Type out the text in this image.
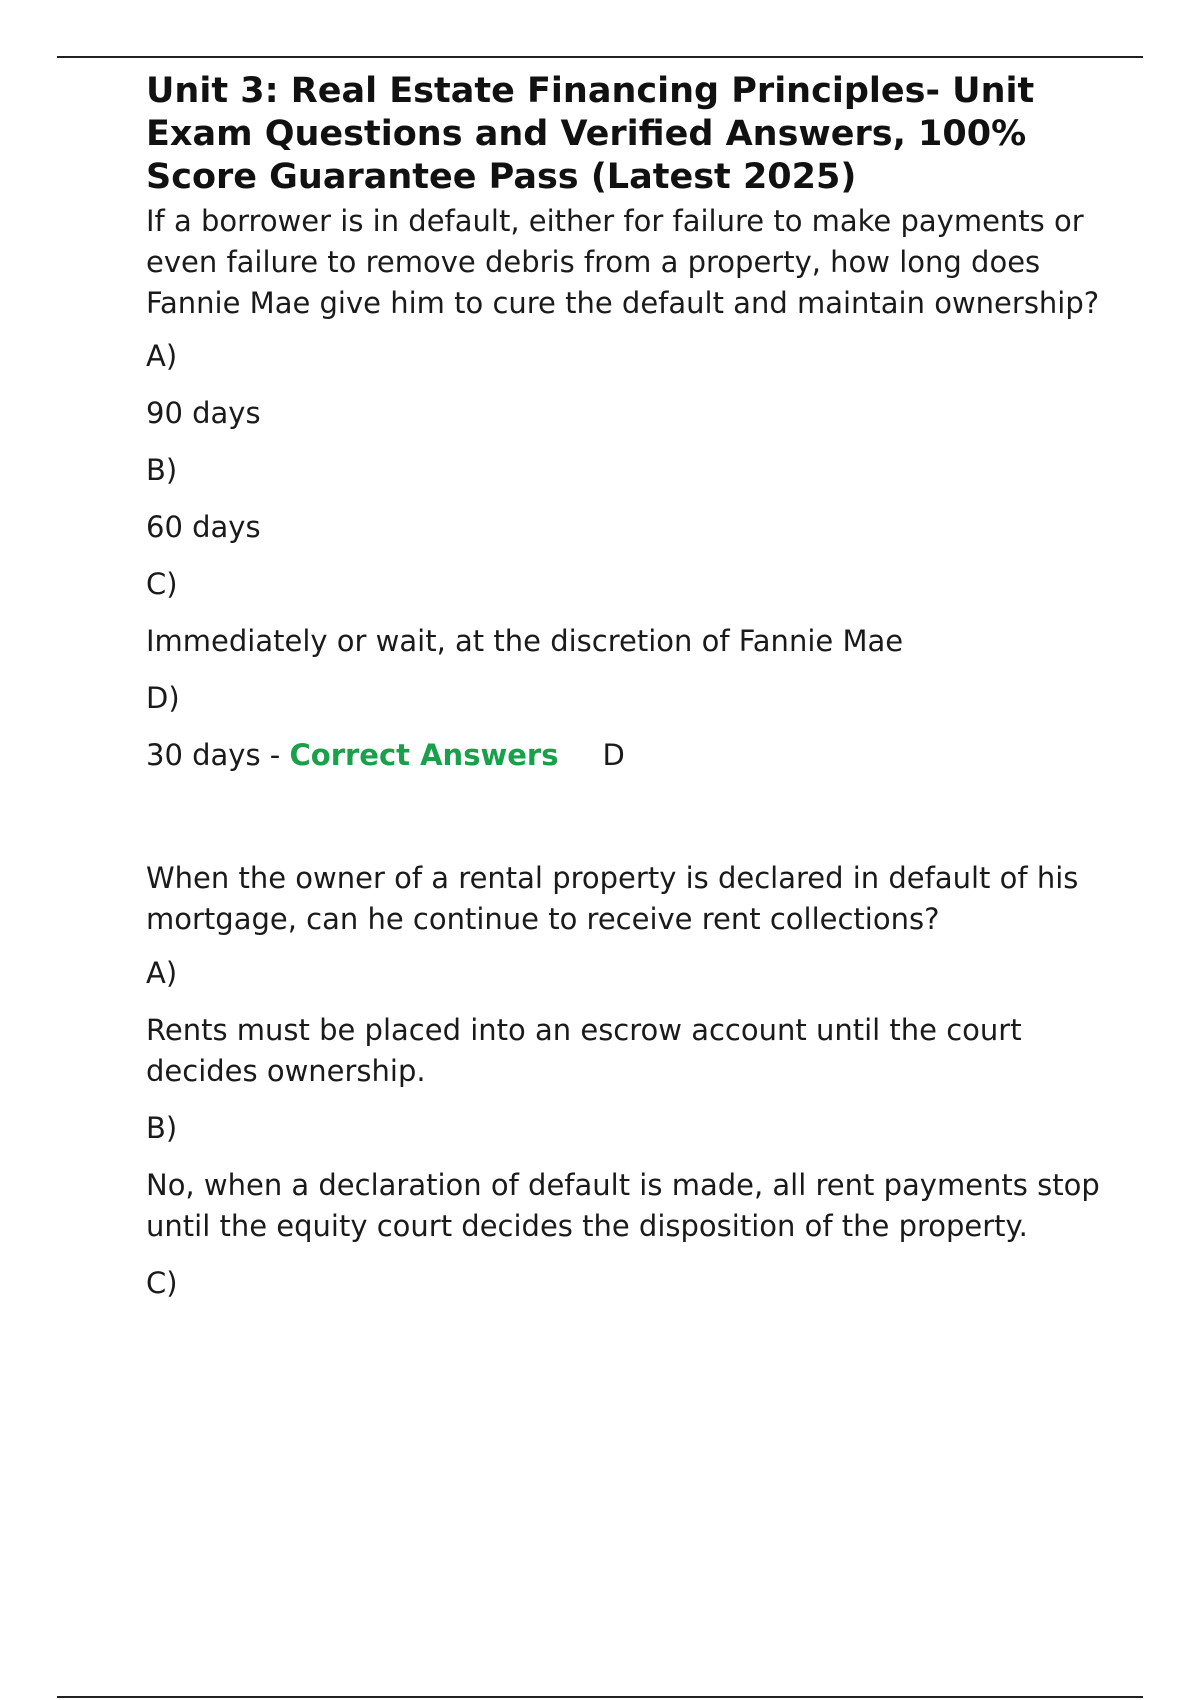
Unit 3: Real Estate Financing Principles- Unit Exam Questions and Verified Answers, 100% Score Guarantee Pass (Latest 2025)

If a borrower is in default, either for failure to make payments or even failure to remove debris from a property, how long does Fannie Mae give him to cure the default and maintain ownership?

A)

90 days

B)

60 days

C)

Immediately or wait, at the discretion of Fannie Mae

D)

30 days - Correct Answers D

When the owner of a rental property is declared in default of his mortgage, can he continue to receive rent collections?

A)

Rents must be placed into an escrow account until the court decides ownership.

B)

No, when a declaration of default is made, all rent payments stop until the equity court decides the disposition of the property.

C)
